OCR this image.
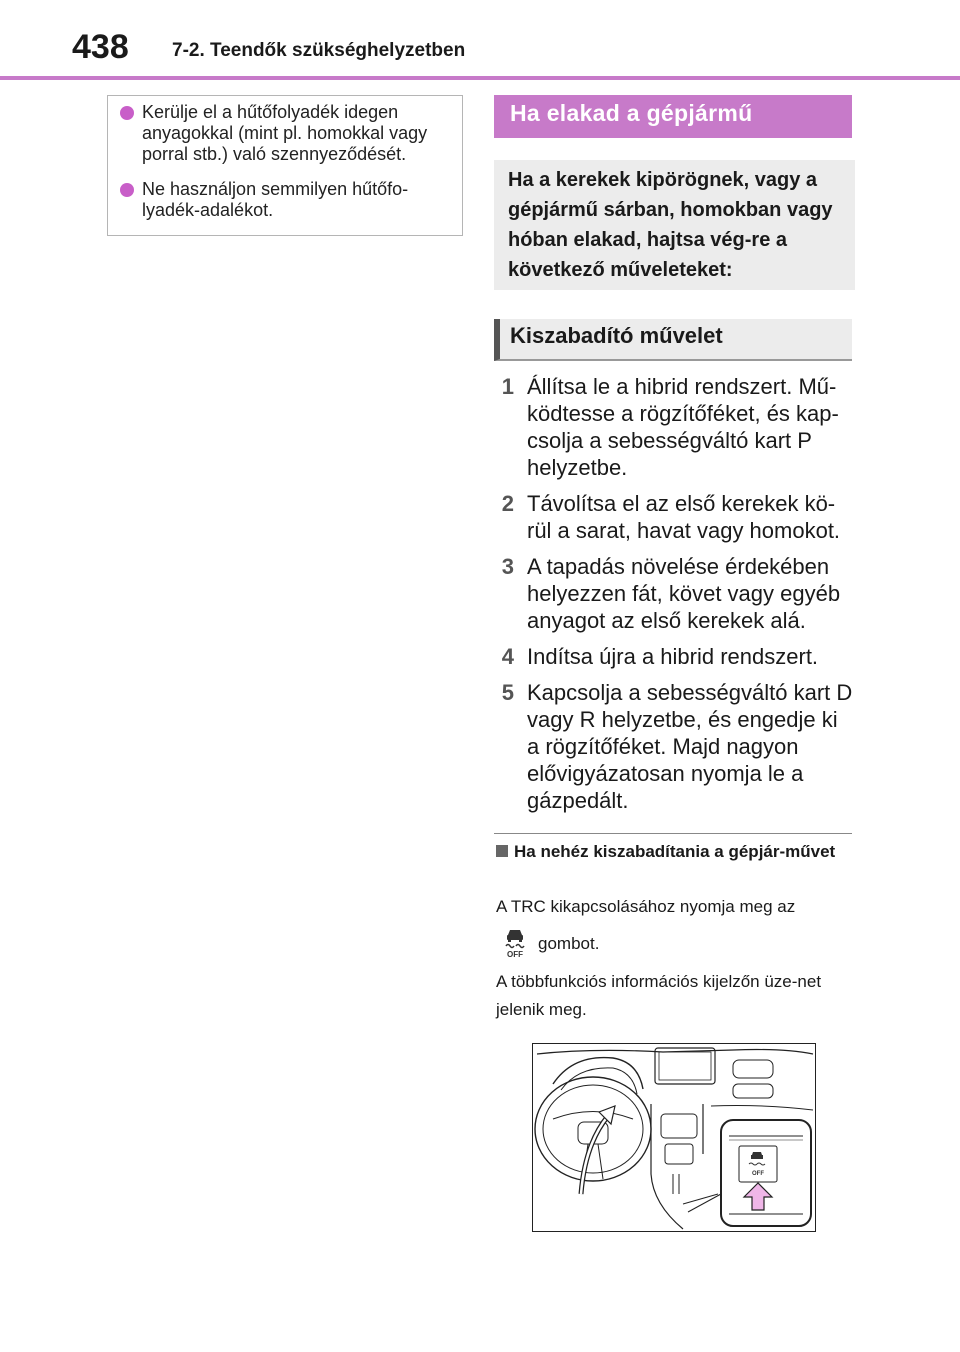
438 7-2. Teendők szükséghelyzetben
Kerülje el a hűtőfolyadék idegen anyagokkal (mint pl. homokkal vagy porral stb.) való szennyeződését.
Ne használjon semmilyen hűtőfo-lyadék-adalékot.
Ha elakad a gépjármű
Ha a kerekek kipörögnek, vagy a gépjármű sárban, homokban vagy hóban elakad, hajtsa vég-re a következő műveleteket:
Kiszabadító művelet
1 Állítsa le a hibrid rendszert. Mű-ködtesse a rögzítőféket, és kap-csolja a sebességváltó kart P helyzetbe.
2 Távolítsa el az első kerekek kö-rül a sarat, havat vagy homokot.
3 A tapadás növelése érdekében helyezzen fát, követ vagy egyéb anyagot az első kerekek alá.
4 Indítsa újra a hibrid rendszert.
5 Kapcsolja a sebességváltó kart D vagy R helyzetbe, és engedje ki a rögzítőféket. Majd nagyon elővigyázatosan nyomja le a gázpedált.
Ha nehéz kiszabadítania a gépjár-művet
A TRC kikapcsolásához nyomja meg az
OFF
gombot.
A többfunkciós információs kijelzőn üze-net jelenik meg.
OFF
